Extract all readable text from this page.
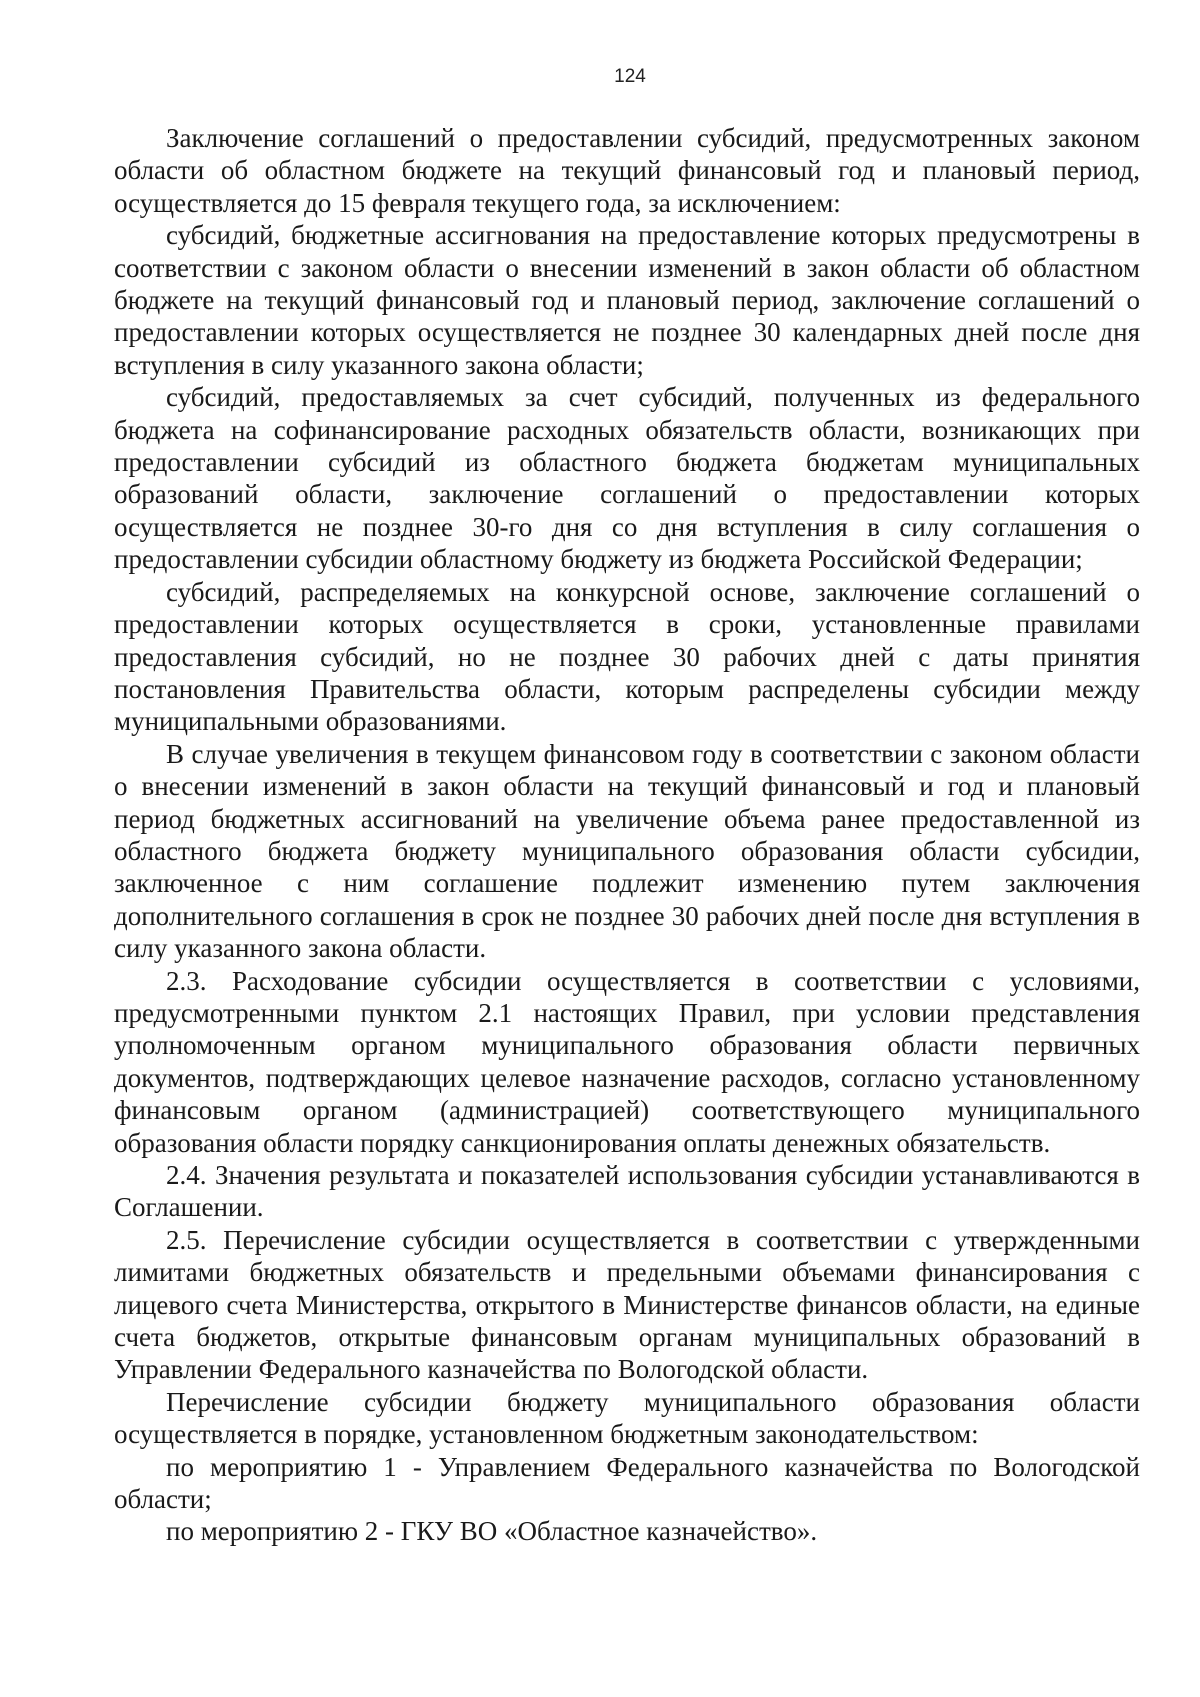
124

Заключение соглашений о предоставлении субсидий, предусмотренных законом области об областном бюджете на текущий финансовый год и плановый период, осуществляется до 15 февраля текущего года, за исключением:

субсидий, бюджетные ассигнования на предоставление которых предусмотрены в соответствии с законом области о внесении изменений в закон области об областном бюджете на текущий финансовый год и плановый период, заключение соглашений о предоставлении которых осуществляется не позднее 30 календарных дней после дня вступления в силу указанного закона области;

субсидий, предоставляемых за счет субсидий, полученных из федерального бюджета на софинансирование расходных обязательств области, возникающих при предоставлении субсидий из областного бюджета бюджетам муниципальных образований области, заключение соглашений о предоставлении которых осуществляется не позднее 30-го дня со дня вступления в силу соглашения о предоставлении субсидии областному бюджету из бюджета Российской Федерации;

субсидий, распределяемых на конкурсной основе, заключение соглашений о предоставлении которых осуществляется в сроки, установленные правилами предоставления субсидий, но не позднее 30 рабочих дней с даты принятия постановления Правительства области, которым распределены субсидии между муниципальными образованиями.

В случае увеличения в текущем финансовом году в соответствии с законом области о внесении изменений в закон области на текущий финансовый и год и плановый период бюджетных ассигнований на увеличение объема ранее предоставленной из областного бюджета бюджету муниципального образования области субсидии, заключенное с ним соглашение подлежит изменению путем заключения дополнительного соглашения в срок не позднее 30 рабочих дней после дня вступления в силу указанного закона области.

2.3. Расходование субсидии осуществляется в соответствии с условиями, предусмотренными пунктом 2.1 настоящих Правил, при условии представления уполномоченным органом муниципального образования области первичных документов, подтверждающих целевое назначение расходов, согласно установленному финансовым органом (администрацией) соответствующего муниципального образования области порядку санкционирования оплаты денежных обязательств.

2.4. Значения результата и показателей использования субсидии устанавливаются в Соглашении.

2.5. Перечисление субсидии осуществляется в соответствии с утвержденными лимитами бюджетных обязательств и предельными объемами финансирования с лицевого счета Министерства, открытого в Министерстве финансов области, на единые счета бюджетов, открытые финансовым органам муниципальных образований в Управлении Федерального казначейства по Вологодской области.

Перечисление субсидии бюджету муниципального образования области осуществляется в порядке, установленном бюджетным законодательством:

по мероприятию 1 - Управлением Федерального казначейства по Вологодской области;

по мероприятию 2 - ГКУ ВО «Областное казначейство».
